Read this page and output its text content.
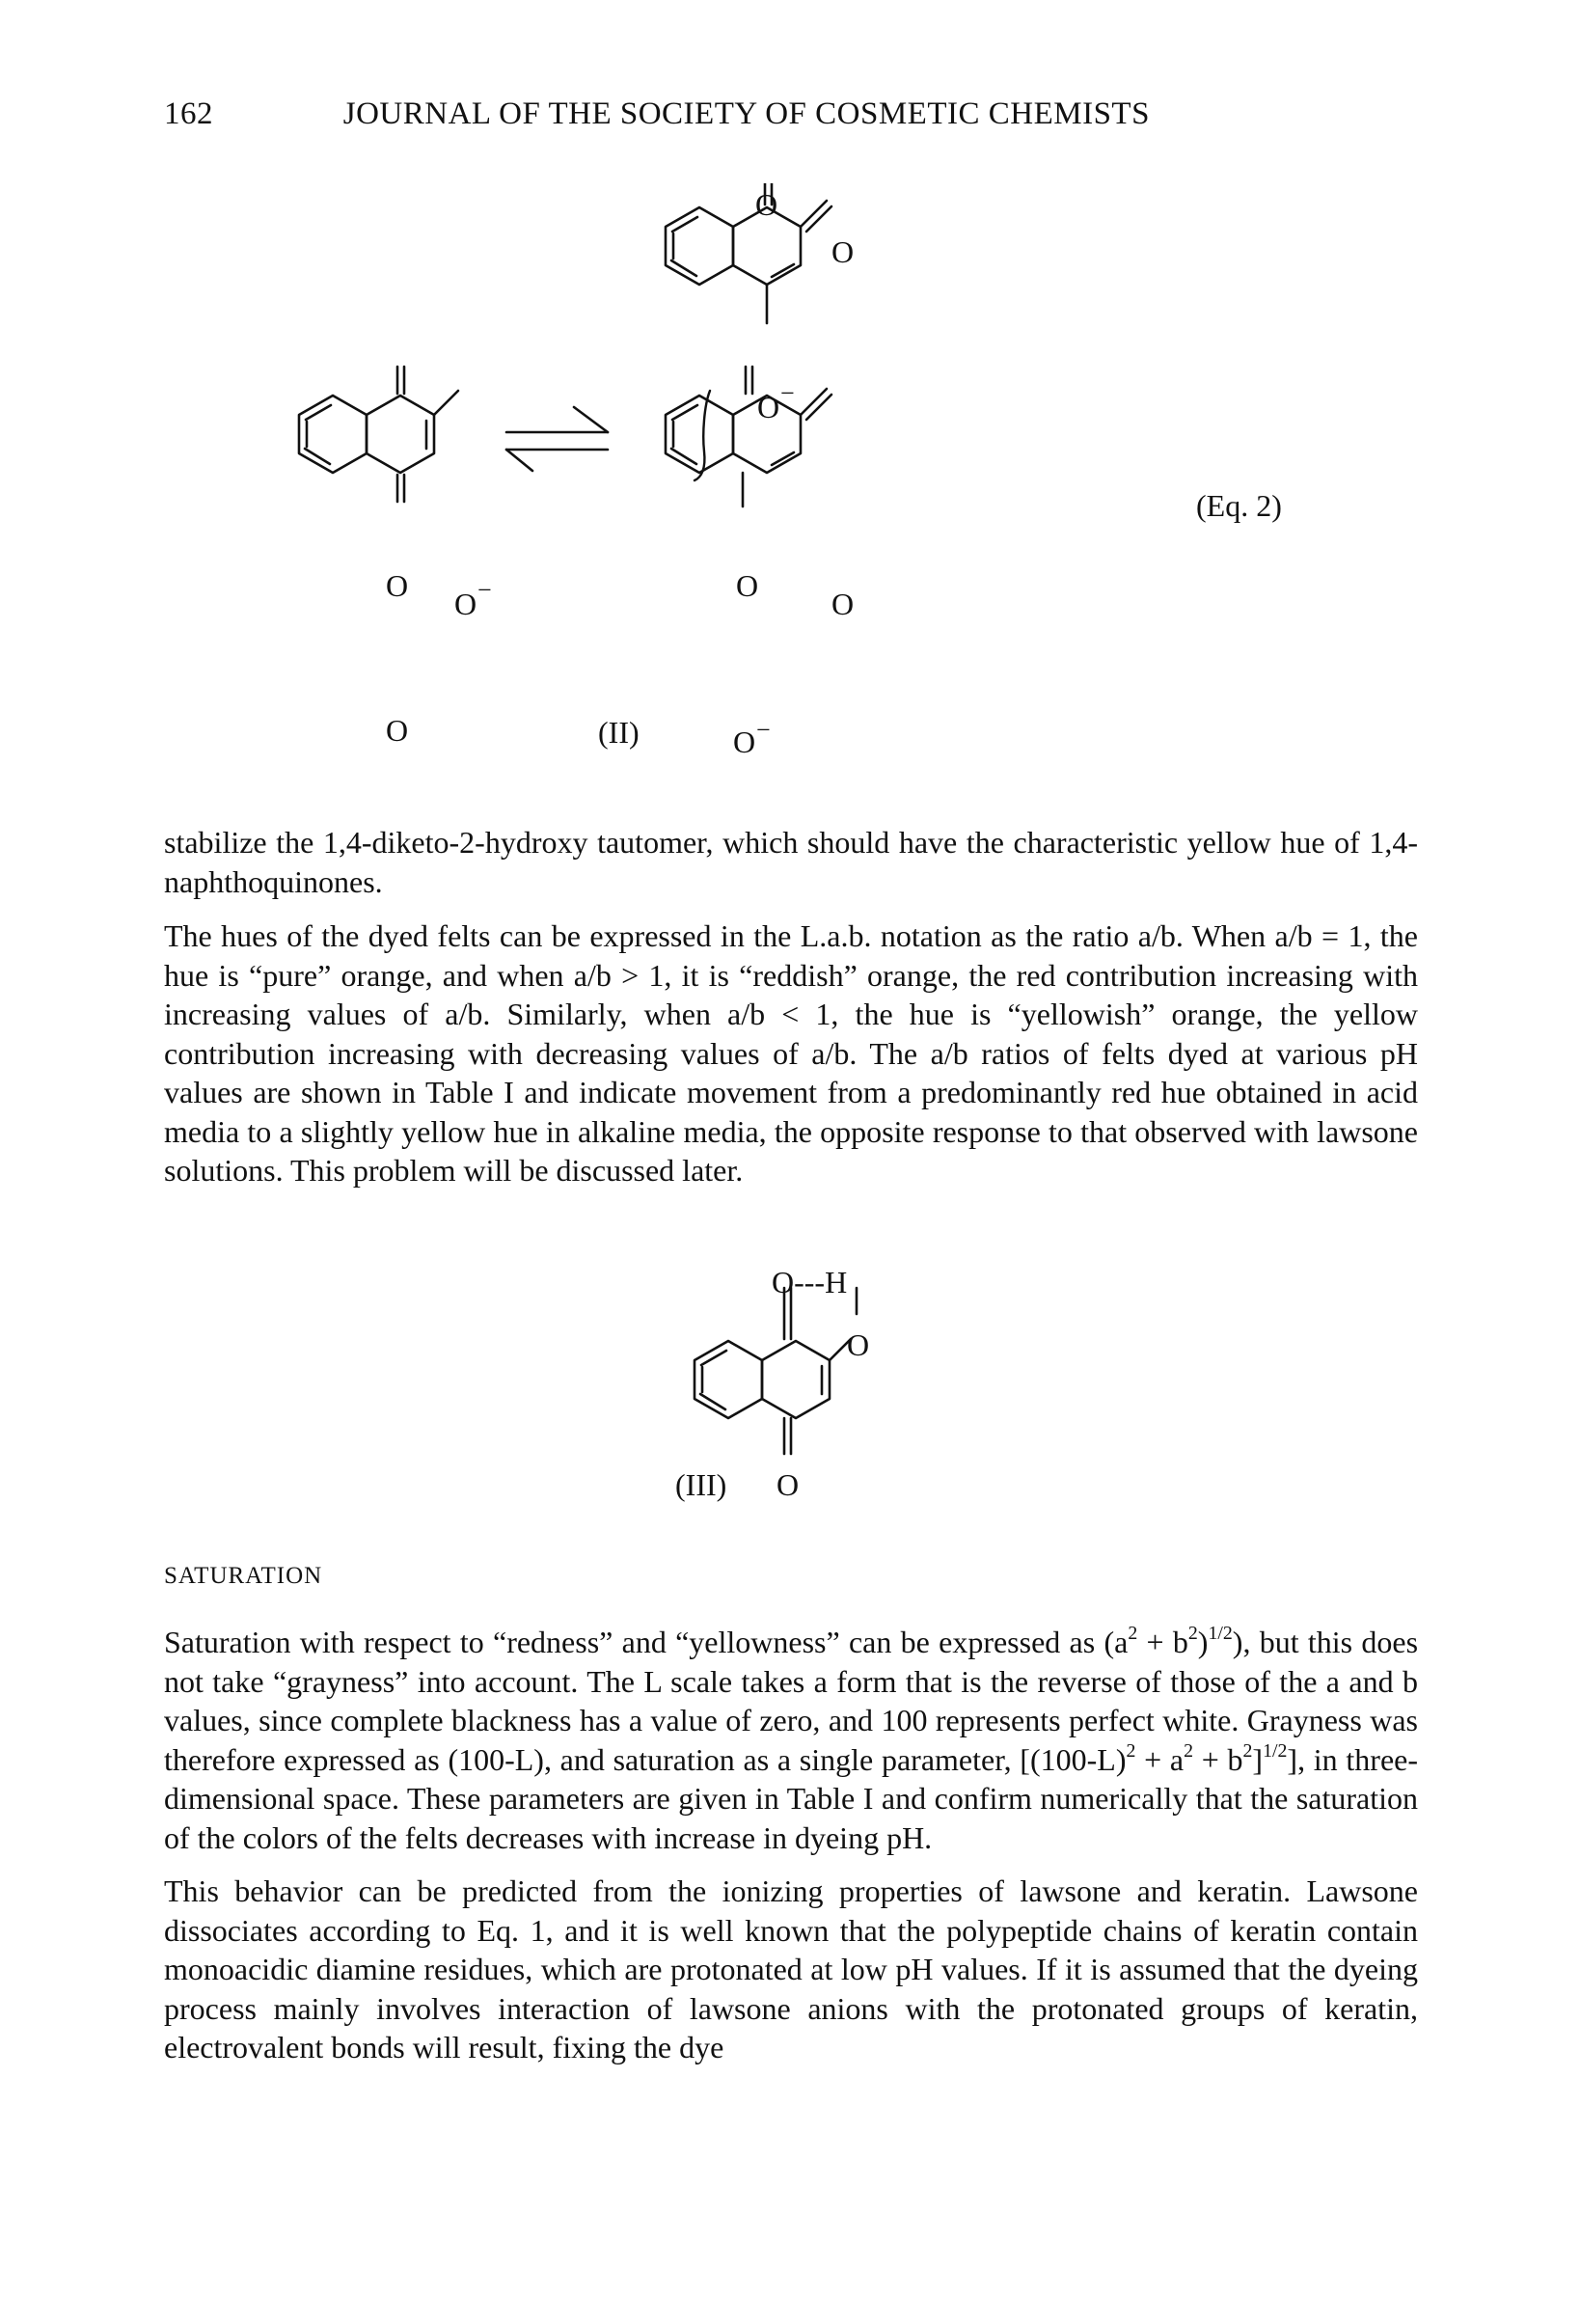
162	JOURNAL OF THE SOCIETY OF COSMETIC CHEMISTS
O
O
O −
(Eq. 2)
O
O −
O
O
O
(II)	O −

stabilize the 1,4-diketo-2-hydroxy tautomer, which should have the characteristic yellow hue of 1,4-naphthoquinones.

The hues of the dyed felts can be expressed in the L.a.b. notation as the ratio a/b. When a/b = 1, the hue is “pure” orange, and when a/b > 1, it is “reddish” orange, the red contribution increasing with increasing values of a/b. Similarly, when a/b < 1, the hue is “yellowish” orange, the yellow contribution increasing with decreasing values of a/b. The a/b ratios of felts dyed at various pH values are shown in Table I and indicate movement from a predominantly red hue obtained in acid media to a slightly yellow hue in alkaline media, the opposite response to that observed with lawsone solutions. This problem will be discussed later.

O---H
O
(III) O
SATURATION

Saturation with respect to “redness” and “yellowness” can be expressed as $(a^2 + b^2)^{1/2}$), but this does not take “grayness” into account. The L scale takes a form that is the reverse of those of the a and b values, since complete blackness has a value of zero, and 100 represents perfect white. Grayness was therefore expressed as (100-L), and saturation as a single parameter, $[(100-L)^2 + a^2 + b^2]^{1/2}$], in three-dimensional space. These parameters are given in Table I and confirm numerically that the saturation of the colors of the felts decreases with increase in dyeing pH.

This behavior can be predicted from the ionizing properties of lawsone and keratin. Lawsone dissociates according to Eq. 1, and it is well known that the polypeptide chains of keratin contain monoacidic diamine residues, which are protonated at low pH values. If it is assumed that the dyeing process mainly involves interaction of lawsone anions with the protonated groups of keratin, electrovalent bonds will result, fixing the dye
